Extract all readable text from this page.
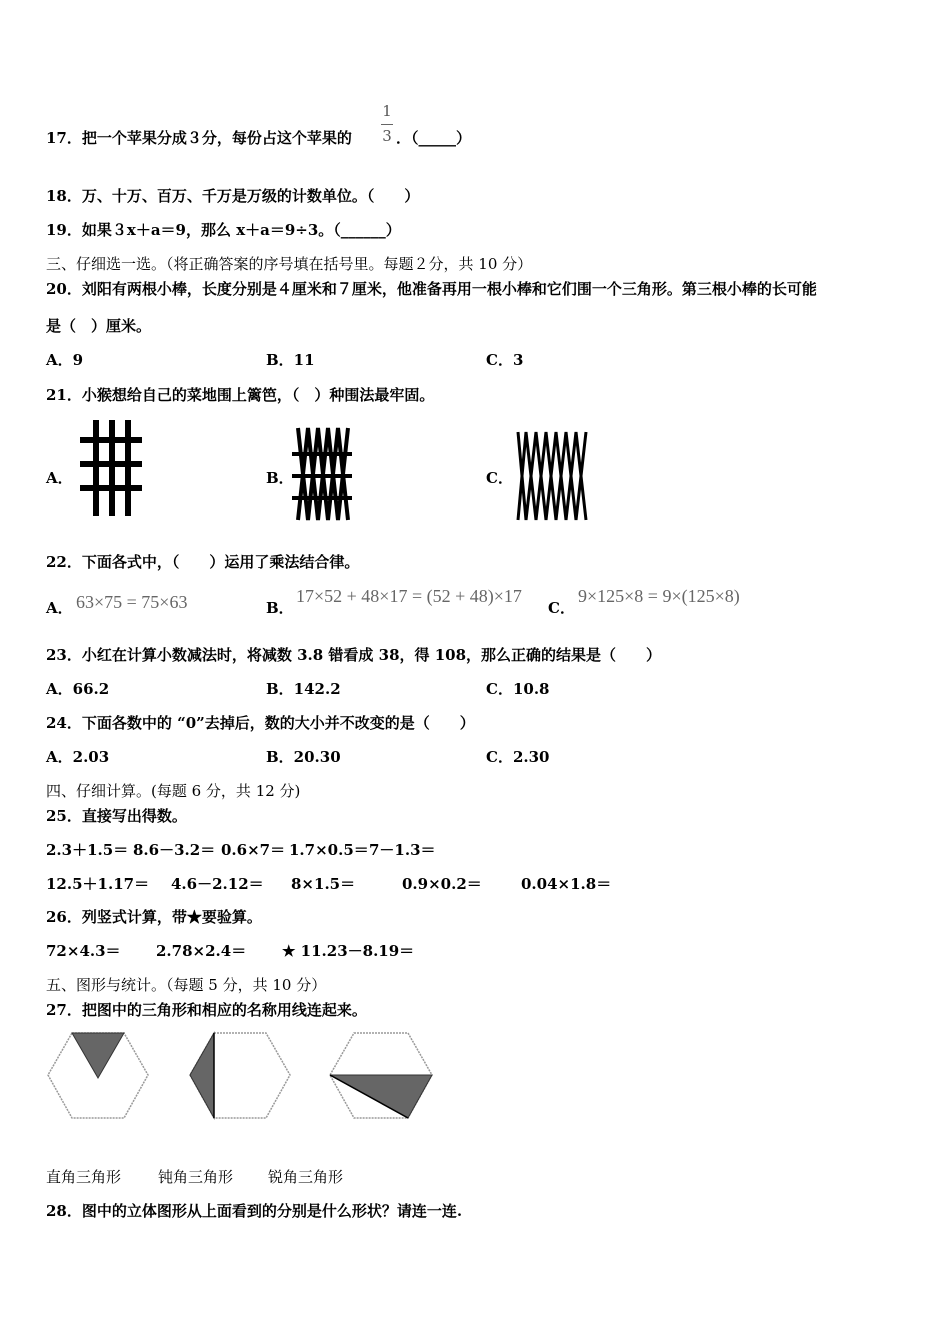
17．把一个苹果分成３分，每份占这个苹果的
1
3 ．（_____）
18．万、十万、百万、千万是万级的计数单位。（　　）
19．如果３x＋a＝9，那么 x＋a＝9÷3。（______）
三、仔细选一选。（将正确答案的序号填在括号里。每题２分，共 10 分）
20．刘阳有两根小棒，长度分别是４厘米和７厘米，他准备再用一根小棒和它们围一个三角形。第三根小棒的长可能
是（　）厘米。
A．9	B．11	C．3
21．小猴想给自己的菜地围上篱笆，（　）种围法最牢固。
A．	B．	C．
22．下面各式中，（　　）运用了乘法结合律。
A． 63×75 = 75×63	B．
17×52 + 48×17 = (52 + 48)×17
C．
9×125×8 = 9×(125×8)
23．小红在计算小数减法时，将减数 3.8 错看成 38，得 108，那么正确的结果是（　　）
A．66.2	B．142.2	C．10.8
24．下面各数中的 “0”去掉后，数的大小并不改变的是（　　）
A．2.03	B．20.30	C．2.30
四、仔细计算。(每题 6 分，共 12 分)
25．直接写出得数。
2.3＋1.5＝ 8.6－3.2＝ 0.6×7＝ 1.7×0.5＝ 7－1.3＝
12.5＋1.17＝ 4.6－2.12＝ 8×1.5＝	0.9×0.2＝	0.04×1.8＝
26．列竖式计算，带★要验算。
72×4.3＝ 2.78×2.4＝ ★ 11.23－8.19＝
五、图形与统计。（每题 5 分，共 10 分）
27．把图中的三角形和相应的名称用线连起来。
直角三角形 钝角三角形 锐角三角形
28．图中的立体图形从上面看到的分别是什么形状？请连一连.
